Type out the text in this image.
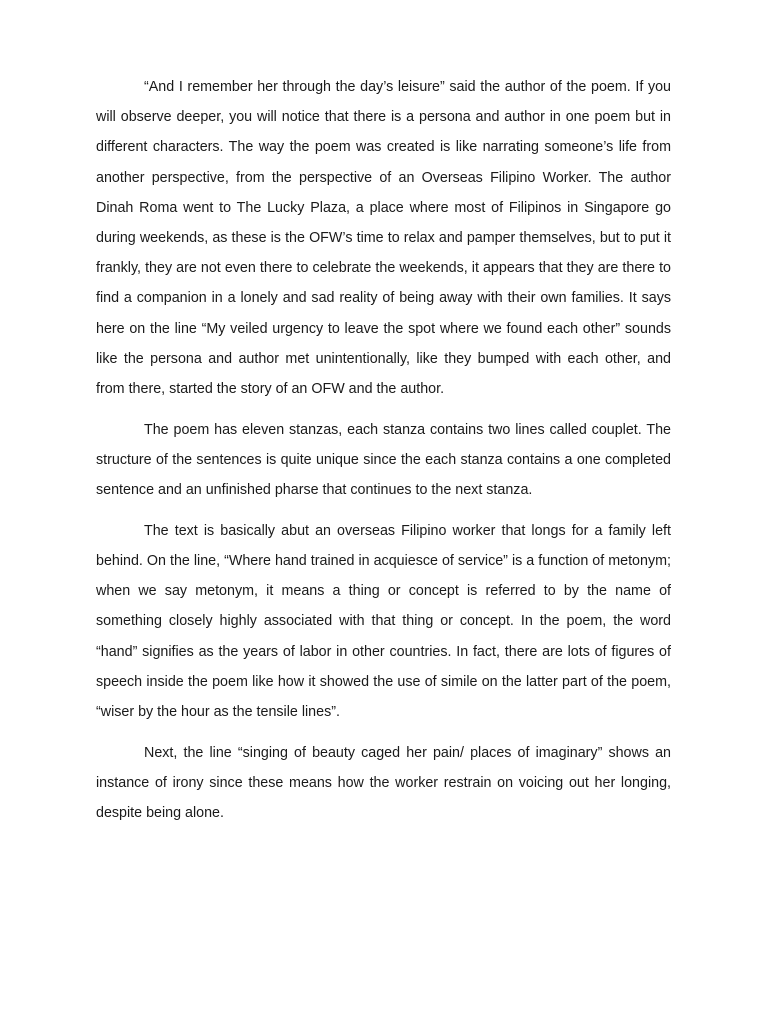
“And I remember her through the day’s leisure” said the author of the poem. If you will observe deeper, you will notice that there is a persona and author in one poem but in different characters. The way the poem was created is like narrating someone’s life from another perspective, from the perspective of an Overseas Filipino Worker. The author Dinah Roma went to The Lucky Plaza, a place where most of Filipinos in Singapore go during weekends, as these is the OFW’s time to relax and pamper themselves, but to put it frankly, they are not even there to celebrate the weekends, it appears that they are there to find a companion in a lonely and sad reality of being away with their own families. It says here on the line “My veiled urgency to leave the spot where we found each other” sounds like the persona and author met unintentionally, like they bumped with each other, and from there, started the story of an OFW and the author.

The poem has eleven stanzas, each stanza contains two lines called couplet. The structure of the sentences is quite unique since the each stanza contains a one completed sentence and an unfinished pharse that continues to the next stanza.

The text is basically abut an overseas Filipino worker that longs for a family left behind. On the line, “Where hand trained in acquiesce of service” is a function of metonym; when we say metonym, it means a thing or concept is referred to by the name of something closely highly associated with that thing or concept. In the poem, the word “hand” signifies as the years of labor in other countries. In fact, there are lots of figures of speech inside the poem like how it showed the use of simile on the latter part of the poem, “wiser by the hour as the tensile lines”.

Next, the line “singing of beauty caged her pain/ places of imaginary” shows an instance of irony since these means how the worker restrain on voicing out her longing, despite being alone.
